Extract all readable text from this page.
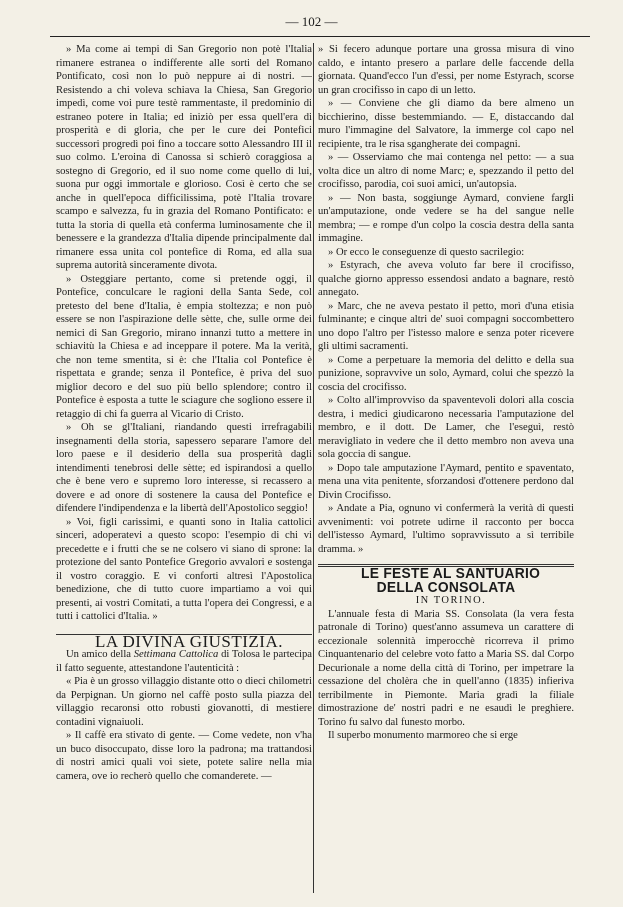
— 102 —

» Ma come ai tempi di San Gregorio non potè l'Italia rimanere estranea o indifferente alle sorti del Romano Pontificato, così non lo può neppure ai di nostri. — Resistendo a chi voleva schiava la Chiesa, San Gregorio impedì, come voi pure testè rammentaste, il predominio di estraneo potere in Italia; ed iniziò per essa quell'era di prosperità e di gloria, che per le cure dei Pontefici successori progredì poi fino a toccare sotto Alessandro III il suo colmo. L'eroina di Canossa si schierò coraggiosa a sostegno di Gregorio, ed il suo nome come quello di lui, suona pur oggi immortale e glorioso. Così è certo che se anche in quell'epoca difficilissima, potè l'Italia trovare scampo e salvezza, fu in grazia del Romano Pontificato: e tutta la storia di quella età conferma luminosamente che il benessere e la grandezza d'Italia dipende principalmente dal rimanere essa unita col pontefice di Roma, ed alla sua suprema autorità sinceramente divota.

» Osteggiare pertanto, come si pretende oggi, il Pontefice, conculcare le ragioni della Santa Sede, col pretesto del bene d'Italia, è empia stoltezza; e non può essere se non l'aspirazione delle sètte, che, sulle orme dei nemici di San Gregorio, mirano innanzi tutto a mettere in schiavitù la Chiesa e ad inceppare il potere. Ma la verità, che non teme smentita, si è: che l'Italia col Pontefice è rispettata e grande; senza il Pontefice, è priva del suo miglior decoro e del suo più bello splendore; contro il Pontefice è esposta a tutte le sciagure che sogliono essere il retaggio di chi fa guerra al Vicario di Cristo.

» Oh se gl'Italiani, riandando questi irrefragabili insegnamenti della storia, sapessero separare l'amore del loro paese e il desiderio della sua prosperità dagli intendimenti tenebrosi delle sètte; ed ispirandosi a quello che è bene vero e supremo loro interesse, si recassero a dovere e ad onore di sostenere la causa del Pontefice e difendere l'indipendenza e la libertà dell'Apostolico seggio!

» Voi, figli carissimi, e quanti sono in Italia cattolici sinceri, adoperatevi a questo scopo: l'esempio di chi vi precedette e i frutti che se ne colsero vi siano di sprone: la protezione del santo Pontefice Gregorio avvalori e sostenga il vostro coraggio. E vi conforti altresì l'Apostolica benedizione, che di tutto cuore impartiamo a voi qui presenti, ai vostri Comitati, a tutta l'opera dei Congressi, e a tutti i cattolici d'Italia. »

LA DIVINA GIUSTIZIA.

Un amico della Settimana Cattolica di Tolosa le partecipa il fatto seguente, attestandone l'autenticità :

« Pia è un grosso villaggio distante otto o dieci chilometri da Perpignan. Un giorno nel caffè posto sulla piazza del villaggio recaronsi otto robusti giovanotti, di mestiere contadini vignaiuoli.

» Il caffè era stivato di gente. — Come vedete, non v'ha un buco disoccupato, disse loro la padrona; ma trattandosi di nostri amici quali voi siete, potete salire nella mia camera, ove io recherò quello che comanderete. —

» Si fecero adunque portare una grossa misura di vino caldo, e intanto presero a parlare delle faccende della giornata. Quand'ecco l'un d'essi, per nome Estyrach, scorse un gran crocifisso in capo di un letto.

» — Conviene che gli diamo da bere almeno un bicchierino, disse bestemmiando. — E, distaccando dal muro l'immagine del Salvatore, la immerge col capo nel recipiente, tra le risa sgangherate dei compagni.

» — Osserviamo che mai contenga nel petto: — a sua volta dice un altro di nome Marc; e, spezzando il petto del crocifisso, parodia, coi suoi amici, un'autopsia.

» — Non basta, soggiunge Aymard, conviene fargli un'amputazione, onde vedere se ha del sangue nelle membra; — e rompe d'un colpo la coscia destra della santa immagine.

» Or ecco le conseguenze di questo sacrilegio:

» Estyrach, che aveva voluto far bere il crocifisso, qualche giorno appresso essendosi andato a bagnare, restò annegato.

» Marc, che ne aveva pestato il petto, morì d'una etisia fulminante; e cinque altri de' suoi compagni soccombettero uno dopo l'altro per l'istesso malore e senza poter ricevere gli ultimi sacramenti.

» Come a perpetuare la memoria del delitto e della sua punizione, sopravvive un solo, Aymard, colui che spezzò la coscia del crocifisso.

» Colto all'improvviso da spaventevoli dolori alla coscia destra, i medici giudicarono necessaria l'amputazione del membro, e il dott. De Lamer, che l'eseguì, restò meravigliato in vedere che il detto membro non aveva una sola goccia di sangue.

» Dopo tale amputazione l'Aymard, pentito e spaventato, mena una vita penitente, sforzandosi d'ottenere perdono dal Divin Crocifisso.

» Andate a Pia, ognuno vi confermerà la verità di questi avvenimenti: voi potrete udirne il racconto per bocca dell'istesso Aymard, l'ultimo sopravvissuto a sì terribile dramma. »

LE FESTE AL SANTUARIO DELLA CONSOLATA

IN TORINO.

L'annuale festa di Maria SS. Consolata (la vera festa patronale di Torino) quest'anno assumeva un carattere di eccezionale solennità imperocchè ricorreva il primo Cinquantenario del celebre voto fatto a Maria SS. dal Corpo Decurionale a nome della città di Torino, per impetrare la cessazione del cholèra che in quell'anno (1835) infieriva terribilmente in Piemonte. Maria gradì la filiale dimostrazione de' nostri padri e ne esaudì le preghiere. Torino fu salvo dal funesto morbo.

Il superbo monumento marmoreo che si erge
